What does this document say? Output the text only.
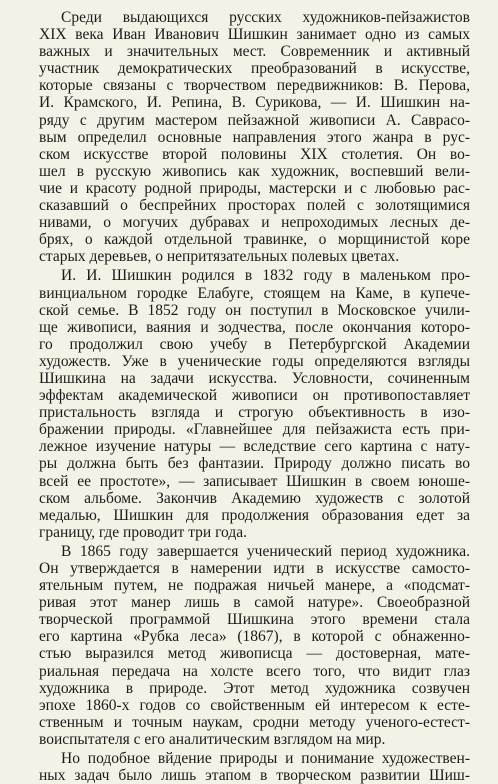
Среди выдающихся русских художников-пейзажистов
XIX века Иван Иванович Шишкин занимает одно из самых
важных и значительных мест. Современник и активный
участник демократических преобразований в искусстве,
которые связаны с творчеством передвижников: В. Перова,
И. Крамского, И. Репина, В. Сурикова, — И. Шишкин на-
ряду с другим мастером пейзажной живописи А. Саврасо-
вым определил основные направления этого жанра в рус-
ском искусстве второй половины XIX столетия. Он во-
шел в русскую живопись как художник, воспевший вели-
чие и красоту родной природы, мастерски и с любовью рас-
сказавший о беспрейних просторах полей с золотящимися
нивами, о могучих дубравах и непроходимых лесных де-
брях, о каждой отдельной травинке, о морщинистой коре
старых деревьев, о непритязательных полевых цветах.
И. И. Шишкин родился в 1832 году в маленьком про-
винциальном городке Елабуге, стоящем на Каме, в купече-
ской семье. В 1852 году он поступил в Московское учили-
ще живописи, ваяния и зодчества, после окончания которо-
го продолжил свою учебу в Петербургской Академии
художеств. Уже в ученические годы определяются взгляды
Шишкина на задачи искусства. Условности, сочиненным
эффектам академической живописи он противопоставляет
пристальность взгляда и строгую объективность в изо-
бражении природы. «Главнейшее для пейзажиста есть при-
лежное изучение натуры — вследствие сего картина с нату-
ры должна быть без фантазии. Природу должно писать во
всей ее простоте», — записывает Шишкин в своем юноше-
ском альбоме. Закончив Академию художеств с золотой
медалью, Шишкин для продолжения образования едет за
границу, где проводит три года.
В 1865 году завершается ученический период художника.
Он утверждается в намерении идти в искусстве самосто-
ятельным путем, не подражая ничьей манере, а «подсмат-
ривая этот манер лишь в самой натуре». Своеобразной
творческой программой Шишкина этого времени стала
его картина «Рубка леса» (1867), в которой с обнаженно-
стью выразился метод живописца — достоверная, мате-
риальная передача на холсте всего того, что видит глаз
художника в природе. Этот метод художника созвучен
эпохе 1860-х годов со свойственным ей интересом к есте-
ственным и точным наукам, сродни методу ученого-естест-
воиспытателя с его аналитическим взглядом на мир.
Но подобное вйдение природы и понимание художествен-
ных задач было лишь этапом в творческом развитии Шиш-
